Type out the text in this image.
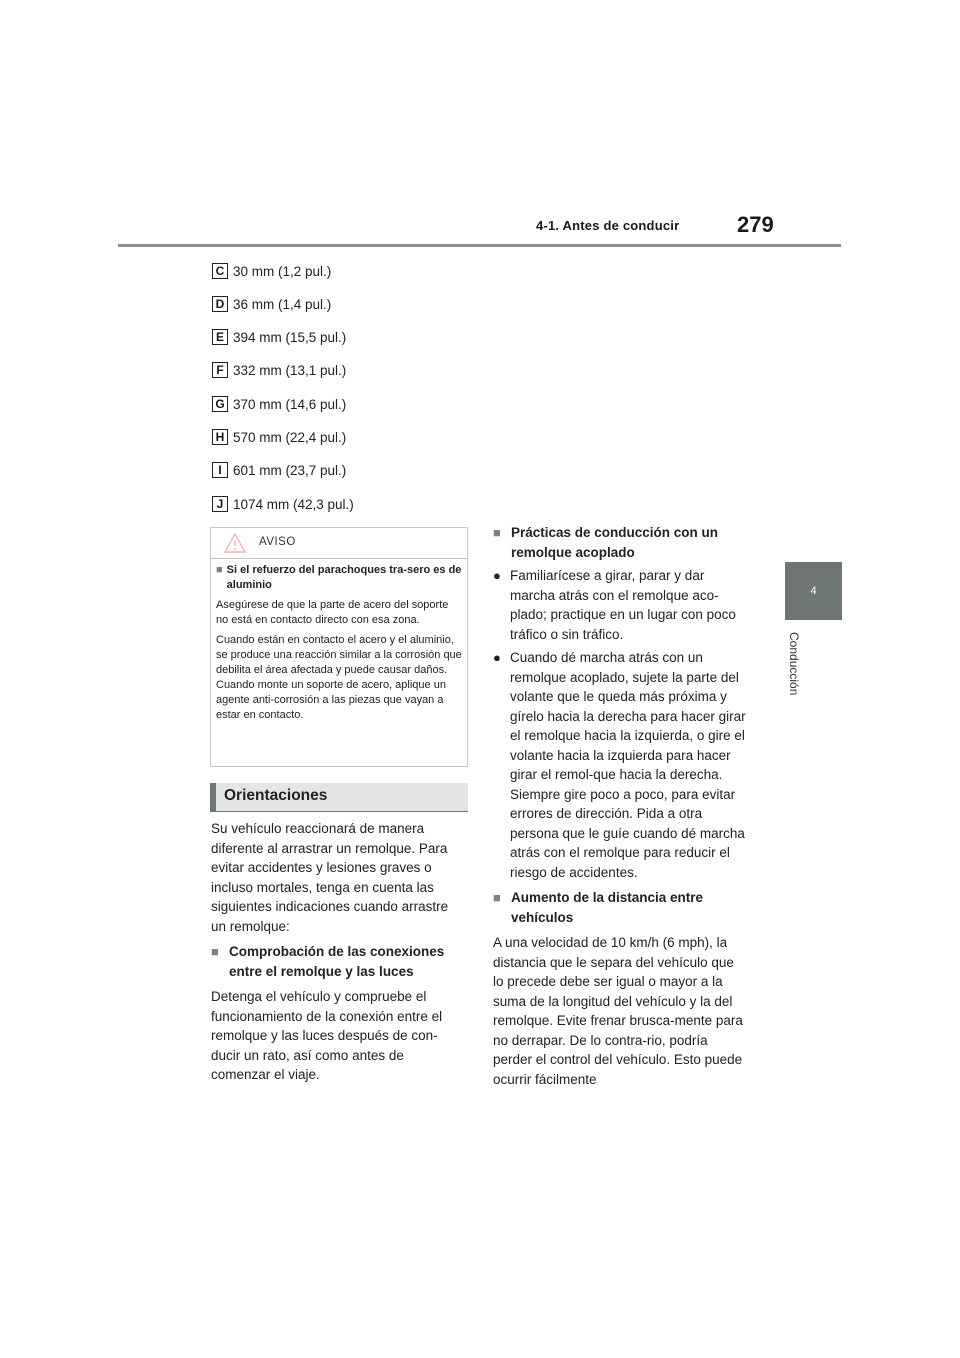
4-1. Antes de conducir	279
4
Conducción
C 30 mm (1,2 pul.)
D 36 mm (1,4 pul.)
E 394 mm (15,5 pul.)
F 332 mm (13,1 pul.)
G 370 mm (14,6 pul.)
H 570 mm (22,4 pul.)
I 601 mm (23,7 pul.)
J 1074 mm (42,3 pul.)
AVISO
■ Si el refuerzo del parachoques tra-sero es de aluminio
Asegúrese de que la parte de acero del soporte no está en contacto directo con esa zona.
Cuando están en contacto el acero y el aluminio, se produce una reacción similar a la corrosión que debilita el área afectada y puede causar daños. Cuando monte un soporte de acero, aplique un agente anti-corrosión a las piezas que vayan a estar en contacto.
Orientaciones
Su vehículo reaccionará de manera diferente al arrastrar un remolque. Para evitar accidentes y lesiones graves o incluso mortales, tenga en cuenta las siguientes indicaciones cuando arrastre un remolque:
■ Comprobación de las conexiones entre el remolque y las luces
Detenga el vehículo y compruebe el funcionamiento de la conexión entre el remolque y las luces después de con-ducir un rato, así como antes de comenzar el viaje.
■ Prácticas de conducción con un remolque acoplado
● Familiarícese a girar, parar y dar marcha atrás con el remolque aco-plado; practique en un lugar con poco tráfico o sin tráfico.
● Cuando dé marcha atrás con un remolque acoplado, sujete la parte del volante que le queda más próxima y gírelo hacia la derecha para hacer girar el remolque hacia la izquierda, o gire el volante hacia la izquierda para hacer girar el remol-que hacia la derecha. Siempre gire poco a poco, para evitar errores de dirección. Pida a otra persona que le guíe cuando dé marcha atrás con el remolque para reducir el riesgo de accidentes.
■ Aumento de la distancia entre vehículos
A una velocidad de 10 km/h (6 mph), la distancia que le separa del vehículo que lo precede debe ser igual o mayor a la suma de la longitud del vehículo y la del remolque. Evite frenar brusca-mente para no derrapar. De lo contra-rio, podría perder el control del vehículo. Esto puede ocurrir fácilmente
